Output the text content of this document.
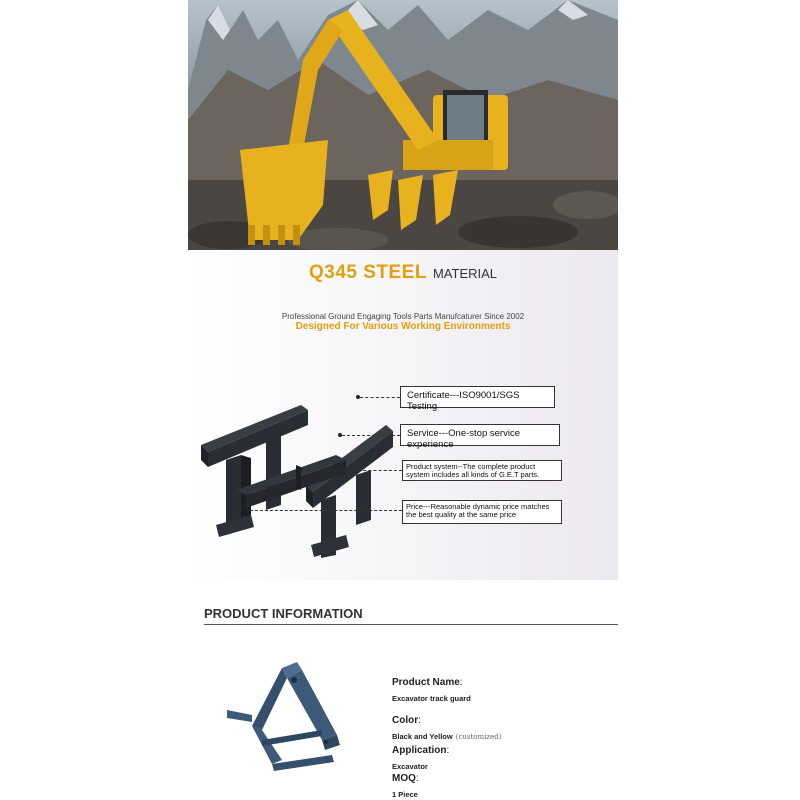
Q345 STEEL MATERIAL
Professional Ground Engaging Tools Parts Manufcaturer Since 2002
Designed For Various Working Environments
Certificate---ISO9001/SGS Testing
Service---One-stop service experience
Product system--The complete product system includes all kinds of G.E.T parts.
Price---Reasonable dynamic price matches the best quality at the same price
PRODUCT INFORMATION
Product Name:
Excavator track guard
Color:
Black and Yellow (customized)
Application:
Excavator
MOQ:
1 Piece
